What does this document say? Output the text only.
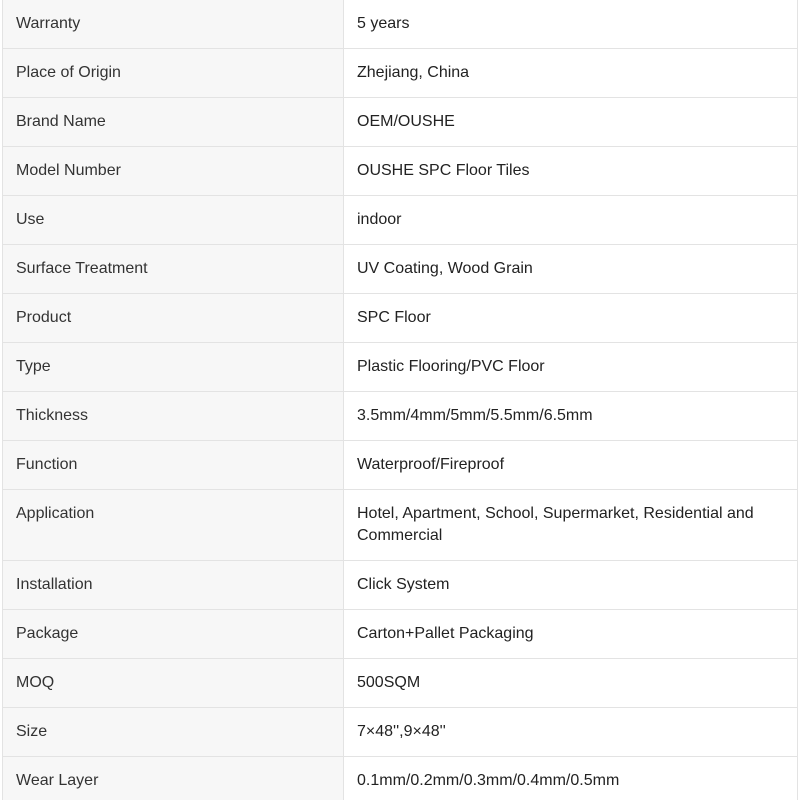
Warranty	5 years
Place of Origin	Zhejiang, China
Brand Name	OEM/OUSHE
Model Number	OUSHE SPC Floor Tiles
Use	indoor
Surface Treatment	UV Coating, Wood Grain
Product	SPC Floor
Type	Plastic Flooring/PVC Floor
Thickness	3.5mm/4mm/5mm/5.5mm/6.5mm
Function	Waterproof/Fireproof
Application	Hotel, Apartment, School, Supermarket, Residential and Commercial
Installation	Click System
Package	Carton+Pallet Packaging
MOQ	500SQM
Size	7×48'',9×48''
Wear Layer	0.1mm/0.2mm/0.3mm/0.4mm/0.5mm
